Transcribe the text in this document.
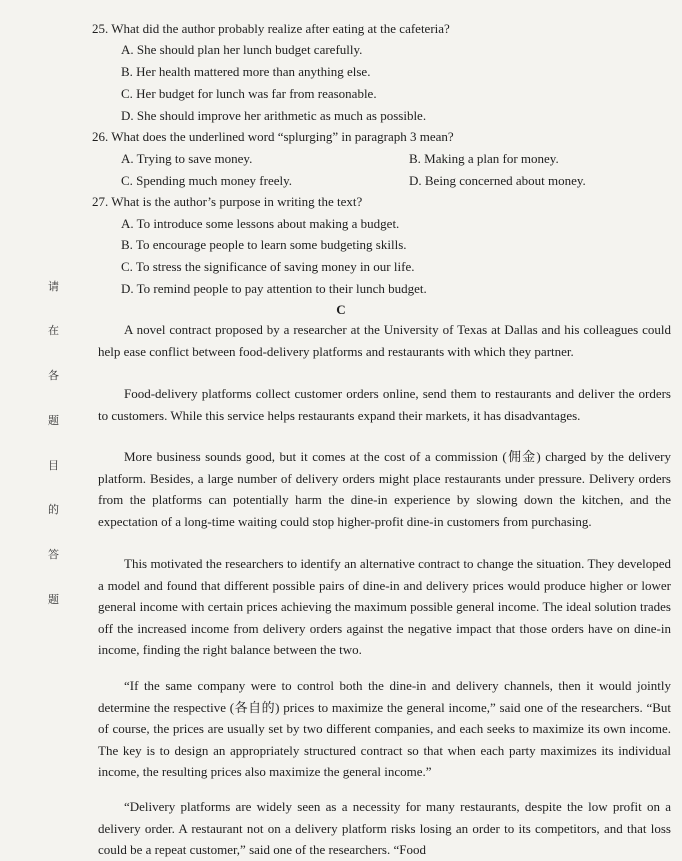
25. What did the author probably realize after eating at the cafeteria?
A. She should plan her lunch budget carefully.
B. Her health mattered more than anything else.
C. Her budget for lunch was far from reasonable.
D. She should improve her arithmetic as much as possible.
26. What does the underlined word “splurging” in paragraph 3 mean?
A. Trying to save money.	B. Making a plan for money.
C. Spending much money freely.	D. Being concerned about money.
27. What is the author’s purpose in writing the text?
A. To introduce some lessons about making a budget.
B. To encourage people to learn some budgeting skills.
C. To stress the significance of saving money in our life.
D. To remind people to pay attention to their lunch budget.
C
A novel contract proposed by a researcher at the University of Texas at Dallas and his colleagues could help ease conflict between food-delivery platforms and restaurants with which they partner.
Food-delivery platforms collect customer orders online, send them to restaurants and deliver the orders to customers. While this service helps restaurants expand their markets, it has disadvantages.
More business sounds good, but it comes at the cost of a commission (佣金) charged by the delivery platform. Besides, a large number of delivery orders might place restaurants under pressure. Delivery orders from the platforms can potentially harm the dine-in experience by slowing down the kitchen, and the expectation of a long-time waiting could stop higher-profit dine-in customers from purchasing.
This motivated the researchers to identify an alternative contract to change the situation. They developed a model and found that different possible pairs of dine-in and delivery prices would produce higher or lower general income with certain prices achieving the maximum possible general income. The ideal solution trades off the increased income from delivery orders against the negative impact that those orders have on dine-in income, finding the right balance between the two.
“If the same company were to control both the dine-in and delivery channels, then it would jointly determine the respective (各自的) prices to maximize the general income,” said one of the researchers. “But of course, the prices are usually set by two different companies, and each seeks to maximize its own income. The key is to design an appropriately structured contract so that when each party maximizes its individual income, the resulting prices also maximize the general income.”
“Delivery platforms are widely seen as a necessity for many restaurants, despite the low profit on a delivery order. A restaurant not on a delivery platform risks losing an order to its competitors, and that loss could be a repeat customer,” said one of the researchers. “Food
请
在
各
题
目
的
答
题
